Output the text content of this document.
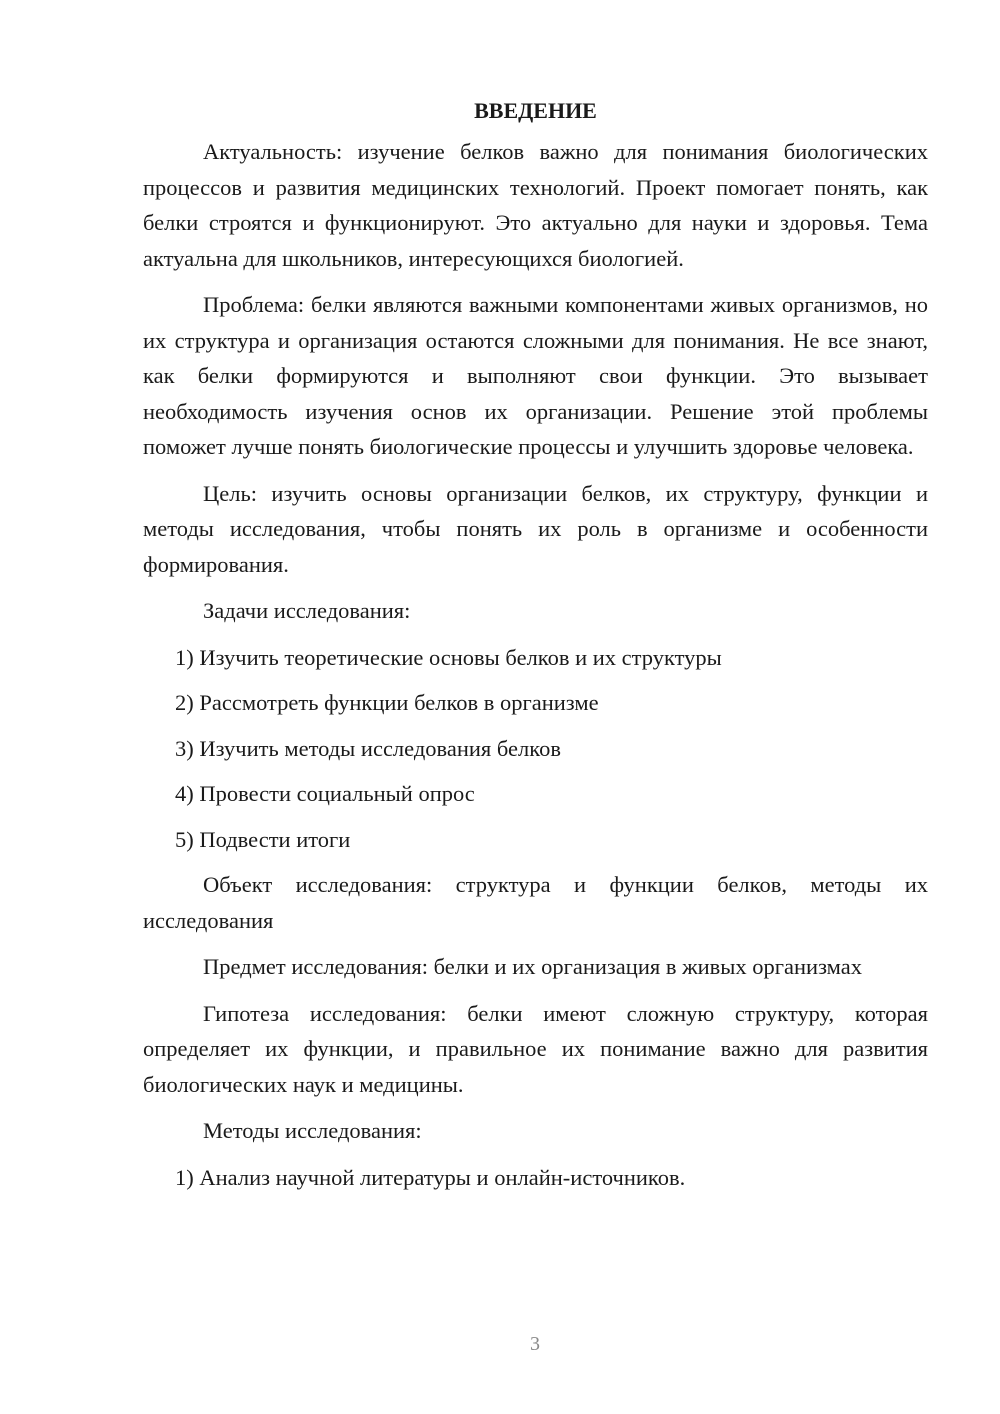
ВВЕДЕНИЕ

Актуальность: изучение белков важно для понимания биологических процессов и развития медицинских технологий. Проект помогает понять, как белки строятся и функционируют. Это актуально для науки и здоровья. Тема актуальна для школьников, интересующихся биологией.

Проблема: белки являются важными компонентами живых организмов, но их структура и организация остаются сложными для понимания. Не все знают, как белки формируются и выполняют свои функции. Это вызывает необходимость изучения основ их организации. Решение этой проблемы поможет лучше понять биологические процессы и улучшить здоровье человека.

Цель: изучить основы организации белков, их структуру, функции и методы исследования, чтобы понять их роль в организме и особенности формирования.

Задачи исследования:

1) Изучить теоретические основы белков и их структуры

2) Рассмотреть функции белков в организме

3) Изучить методы исследования белков

4) Провести социальный опрос

5) Подвести итоги

Объект исследования: структура и функции белков, методы их исследования

Предмет исследования: белки и их организация в живых организмах

Гипотеза исследования: белки имеют сложную структуру, которая определяет их функции, и правильное их понимание важно для развития биологических наук и медицины.

Методы исследования:

1) Анализ научной литературы и онлайн-источников.

3
